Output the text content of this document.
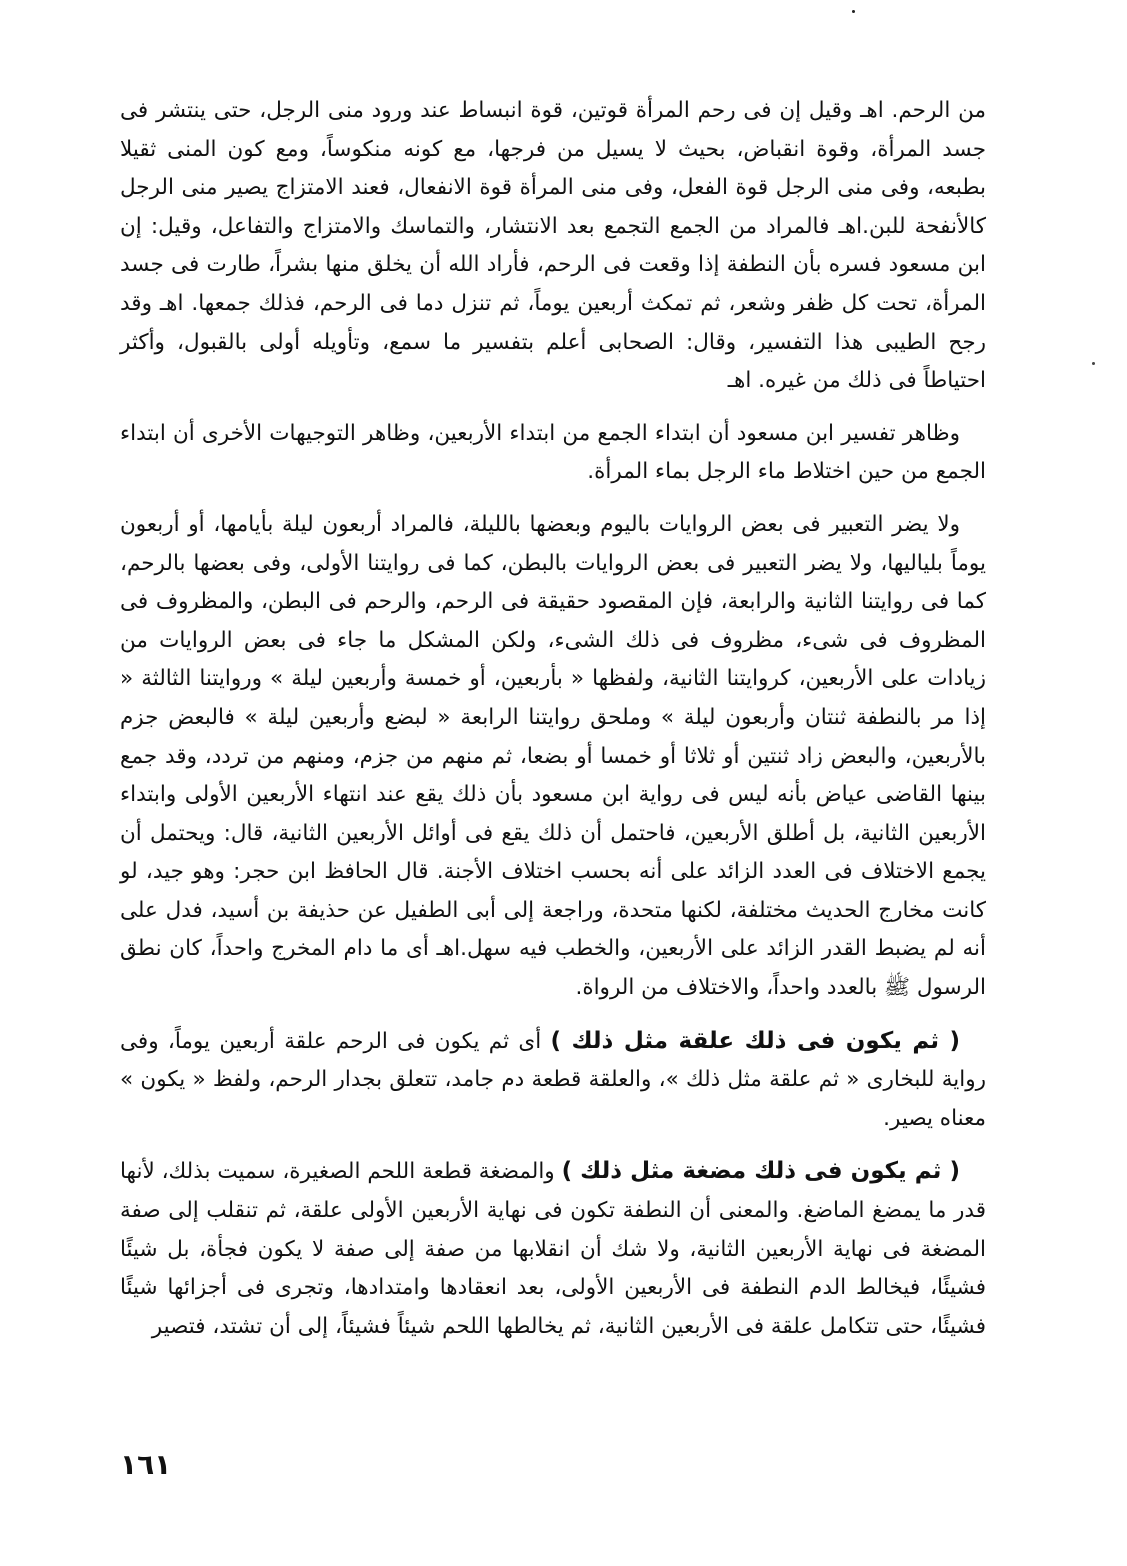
من الرحم. اهـ وقيل إن فى رحم المرأة قوتين، قوة انبساط عند ورود منى الرجل، حتى ينتشر فى جسد المرأة، وقوة انقباض، بحيث لا يسيل من فرجها، مع كونه منكوساً، ومع كون المنى ثقيلا بطبعه، وفى منى الرجل قوة الفعل، وفى منى المرأة قوة الانفعال، فعند الامتزاج يصير منى الرجل كالأنفحة للبن.اهـ فالمراد من الجمع التجمع بعد الانتشار، والتماسك والامتزاج والتفاعل، وقيل: إن ابن مسعود فسره بأن النطفة إذا وقعت فى الرحم، فأراد الله أن يخلق منها بشراً، طارت فى جسد المرأة، تحت كل ظفر وشعر، ثم تمكث أربعين يوماً، ثم تنزل دما فى الرحم، فذلك جمعها. اهـ وقد رجح الطيبى هذا التفسير، وقال: الصحابى أعلم بتفسير ما سمع، وتأويله أولى بالقبول، وأكثر احتياطاً فى ذلك من غيره. اهـ

وظاهر تفسير ابن مسعود أن ابتداء الجمع من ابتداء الأربعين، وظاهر التوجيهات الأخرى أن ابتداء الجمع من حين اختلاط ماء الرجل بماء المرأة.

ولا يضر التعبير فى بعض الروايات باليوم وبعضها بالليلة، فالمراد أربعون ليلة بأيامها، أو أربعون يوماً بلياليها، ولا يضر التعبير فى بعض الروايات بالبطن، كما فى روايتنا الأولى، وفى بعضها بالرحم، كما فى روايتنا الثانية والرابعة، فإن المقصود حقيقة فى الرحم، والرحم فى البطن، والمظروف فى المظروف فى شىء، مظروف فى ذلك الشىء، ولكن المشكل ما جاء فى بعض الروايات من زيادات على الأربعين، كروايتنا الثانية، ولفظها « بأربعين، أو خمسة وأربعين ليلة » وروايتنا الثالثة « إذا مر بالنطفة ثنتان وأربعون ليلة » وملحق روايتنا الرابعة « لبضع وأربعين ليلة » فالبعض جزم بالأربعين، والبعض زاد ثنتين أو ثلاثا أو خمسا أو بضعا، ثم منهم من جزم، ومنهم من تردد، وقد جمع بينها القاضى عياض بأنه ليس فى رواية ابن مسعود بأن ذلك يقع عند انتهاء الأربعين الأولى وابتداء الأربعين الثانية، بل أطلق الأربعين، فاحتمل أن ذلك يقع فى أوائل الأربعين الثانية، قال: ويحتمل أن يجمع الاختلاف فى العدد الزائد على أنه بحسب اختلاف الأجنة. قال الحافظ ابن حجر: وهو جيد، لو كانت مخارج الحديث مختلفة، لكنها متحدة، وراجعة إلى أبى الطفيل عن حذيفة بن أسيد، فدل على أنه لم يضبط القدر الزائد على الأربعين، والخطب فيه سهل.اهـ أى ما دام المخرج واحداً، كان نطق الرسول ﷺ بالعدد واحداً، والاختلاف من الرواة.

( ثم يكون فى ذلك علقة مثل ذلك ) أى ثم يكون فى الرحم علقة أربعين يوماً، وفى رواية للبخارى « ثم علقة مثل ذلك »، والعلقة قطعة دم جامد، تتعلق بجدار الرحم، ولفظ « يكون » معناه يصير.

( ثم يكون فى ذلك مضغة مثل ذلك ) والمضغة قطعة اللحم الصغيرة، سميت بذلك، لأنها قدر ما يمضغ الماضغ. والمعنى أن النطفة تكون فى نهاية الأربعين الأولى علقة، ثم تنقلب إلى صفة المضغة فى نهاية الأربعين الثانية، ولا شك أن انقلابها من صفة إلى صفة لا يكون فجأة، بل شيئًا فشيئًا، فيخالط الدم النطفة فى الأربعين الأولى، بعد انعقادها وامتدادها، وتجرى فى أجزائها شيئًا فشيئًا، حتى تتكامل علقة فى الأربعين الثانية، ثم يخالطها اللحم شيئاً فشيئاً، إلى أن تشتد، فتصير

١٦١
